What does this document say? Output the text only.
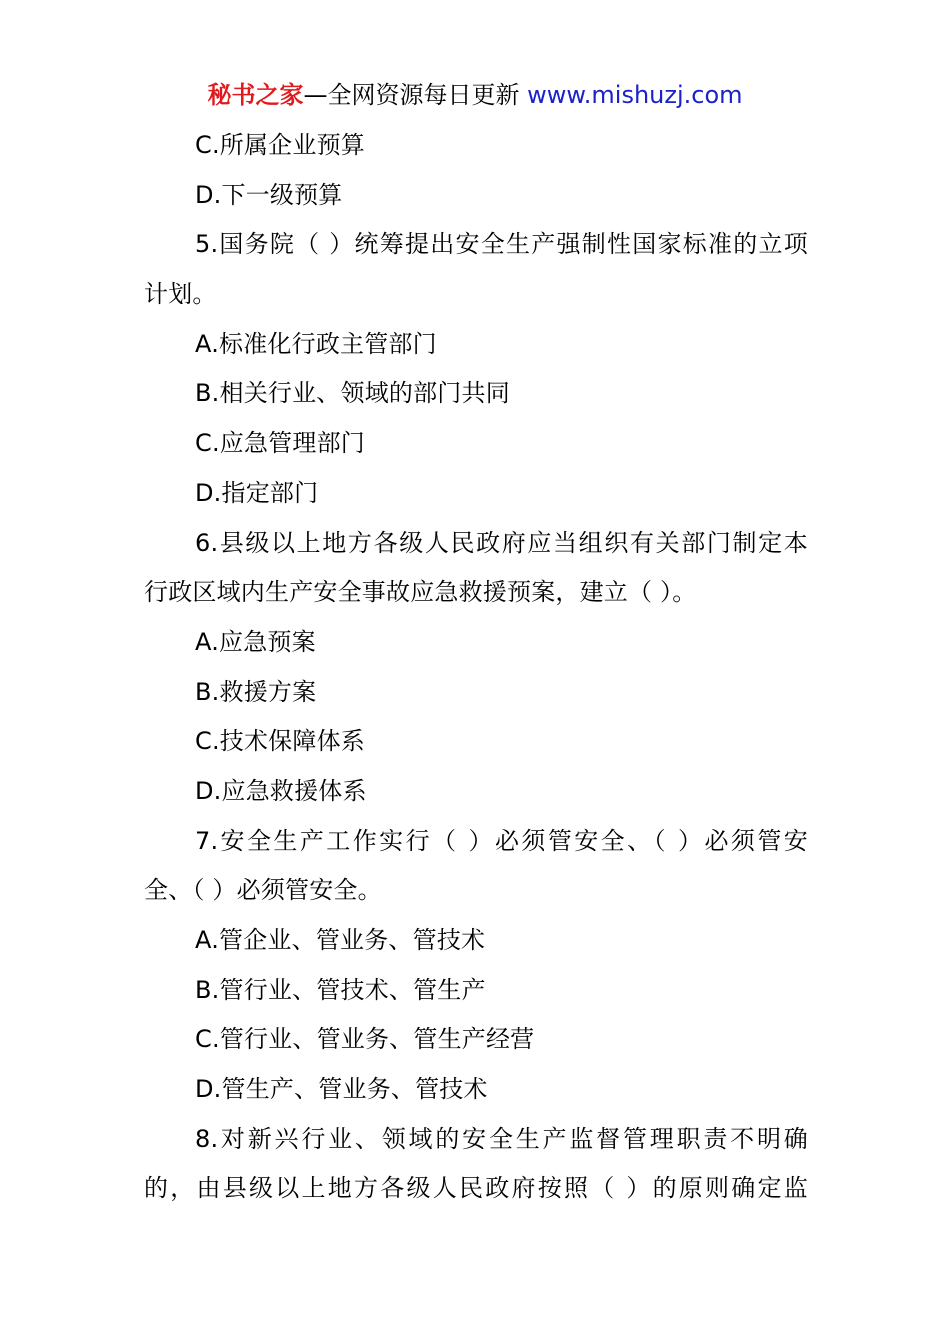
秘书之家—全网资源每日更新 www.mishuzj.com
C.所属企业预算
D.下一级预算
5.国务院（ ）统筹提出安全生产强制性国家标准的立项
计划。
A.标准化行政主管部门
B.相关行业、领域的部门共同
C.应急管理部门
D.指定部门
6.县级以上地方各级人民政府应当组织有关部门制定本
行政区域内生产安全事故应急救援预案，建立（ ）。
A.应急预案
B.救援方案
C.技术保障体系
D.应急救援体系
7.安全生产工作实行（ ）必须管安全、（ ）必须管安
全、（ ）必须管安全。
A.管企业、管业务、管技术
B.管行业、管技术、管生产
C.管行业、管业务、管生产经营
D.管生产、管业务、管技术
8.对新兴行业、领域的安全生产监督管理职责不明确
的，由县级以上地方各级人民政府按照（ ）的原则确定监
